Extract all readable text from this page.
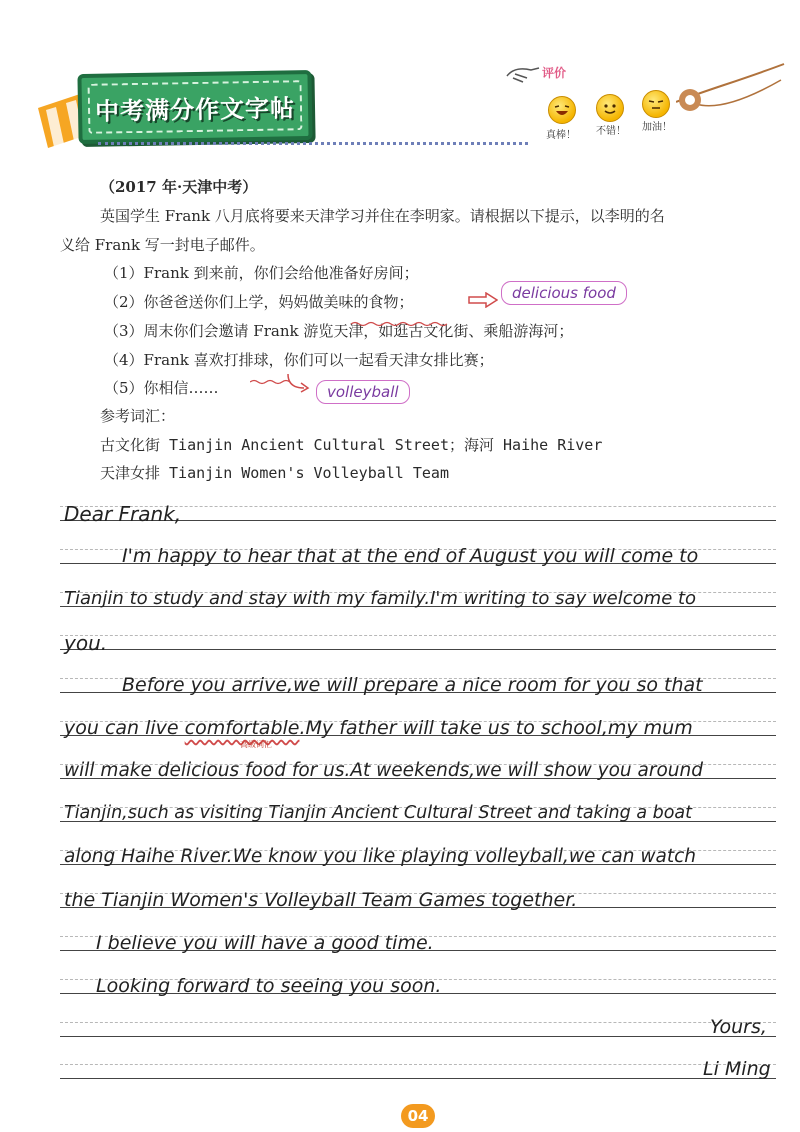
中考满分作文字帖
评价
真棒！ 不错！ 加油！
（2017 年·天津中考）
英国学生 Frank 八月底将要来天津学习并住在李明家。请根据以下提示，以李明的名
义给 Frank 写一封电子邮件。
（1）Frank 到来前，你们会给他准备好房间；
（2）你爸爸送你们上学，妈妈做美味的食物；
（3）周末你们会邀请 Frank 游览天津，如逛古文化街、乘船游海河；
（4）Frank 喜欢打排球，你们可以一起看天津女排比赛；
（5）你相信……
参考词汇：
古文化街 Tianjin Ancient Cultural Street；海河 Haihe River
天津女排 Tianjin Women's Volleyball Team
delicious food
volleyball
Dear Frank,
I'm happy to hear that at the end of August you will come to
Tianjin to study and stay with my family.I'm writing to say welcome to
you.
Before you arrive,we will prepare a nice room for you so that
you can live comfortable.My father will take us to school,my mum
高级词汇
will make delicious food for us.At weekends,we will show you around
Tianjin,such as visiting Tianjin Ancient Cultural Street and taking a boat
along Haihe River.We know you like playing volleyball,we can watch
the Tianjin Women's Volleyball Team Games together.
I believe you will have a good time.
Looking forward to seeing you soon.
Yours,
Li Ming
04
